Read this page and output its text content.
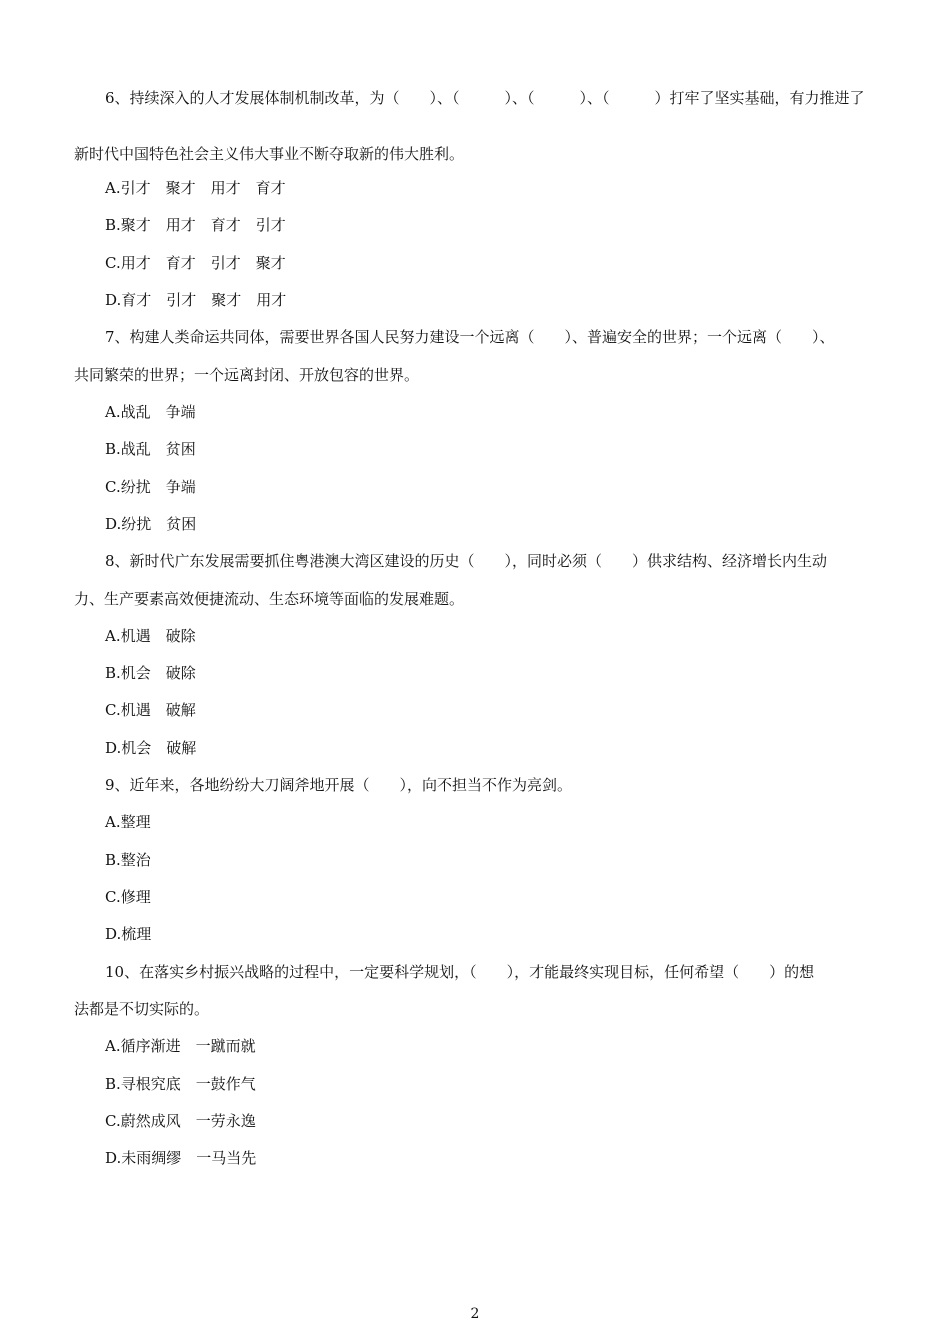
6、持续深入的人才发展体制机制改革，为（　　）、（　　　）、（　　　）、（　　　）打牢了坚实基础，有力推进了
新时代中国特色社会主义伟大事业不断夺取新的伟大胜利。
A.引才　聚才　用才　育才
B.聚才　用才　育才　引才
C.用才　育才　引才　聚才
D.育才　引才　聚才　用才
7、构建人类命运共同体，需要世界各国人民努力建设一个远离（　　）、普遍安全的世界；一个远离（　　）、
共同繁荣的世界；一个远离封闭、开放包容的世界。
A.战乱　争端
B.战乱　贫困
C.纷扰　争端
D.纷扰　贫困
8、新时代广东发展需要抓住粤港澳大湾区建设的历史（　　），同时必须（　　）供求结构、经济增长内生动
力、生产要素高效便捷流动、生态环境等面临的发展难题。
A.机遇　破除
B.机会　破除
C.机遇　破解
D.机会　破解
9、近年来，各地纷纷大刀阔斧地开展（　　），向不担当不作为亮剑。
A.整理
B.整治
C.修理
D.梳理
10、在落实乡村振兴战略的过程中，一定要科学规划，（　　），才能最终实现目标，任何希望（　　）的想
法都是不切实际的。
A.循序渐进　一蹴而就
B.寻根究底　一鼓作气
C.蔚然成风　一劳永逸
D.未雨绸缪　一马当先
2
